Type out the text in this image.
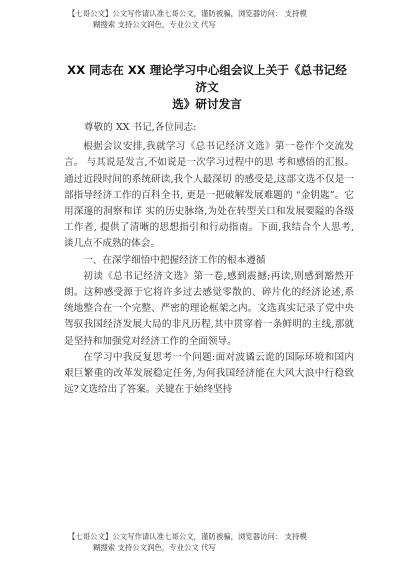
【七哥公文】公文写作请认准七哥公文，谨防被骗，浏览器访问： 支持模
糊搜索 支持公文润色，专业公文 代写
XX 同志在 XX 理论学习中心组会议上关于《总书记经济文
选》研讨发言

尊敬的 XX 书记,各位同志:

根据会议安排,我就学习《总书记经济文选》第一卷作个交流发言。 与其说是发言,不如说是一次学习过程中的思 考和感悟的汇报。通过近段时间的系统研读,我个人最深切 的感受是,这部文选不仅是一部指导经济工作的百科全书, 更是一把破解发展难题的 “金钥匙”。它用深邃的洞察和详 实的历史脉络,为处在转型关口和发展要隘的各级工作者, 提供了清晰的思想指引和行动指南。下面,我结合个人思考,谈几点不成熟的体会。

一、在深学细悟中把握经济工作的根本遵循

初读《总书记经济文选》第一卷,感到震撼;再读,则感到豁然开朗。这种感受源于它将许多过去感觉零散的、碎片化的经济论述,系统地整合在一个完整、严密的理论框架之内。文选真实记录了党中央驾驭我国经济发展大局的非凡历程,其中贯穿着一条鲜明的主线,那就是坚持和加强党对经济工作的全面领导。

在学习中我反复思考一个问题:面对波谲云诡的国际环境和国内艰巨繁重的改革发展稳定任务,为何我国经济能在大风大浪中行稳致远?文选给出了答案。关键在于始终坚持

【七哥公文】公文写作请认准七哥公文，谨防被骗，浏览器访问： 支持模
糊搜索 支持公文润色，专业公文 代写
